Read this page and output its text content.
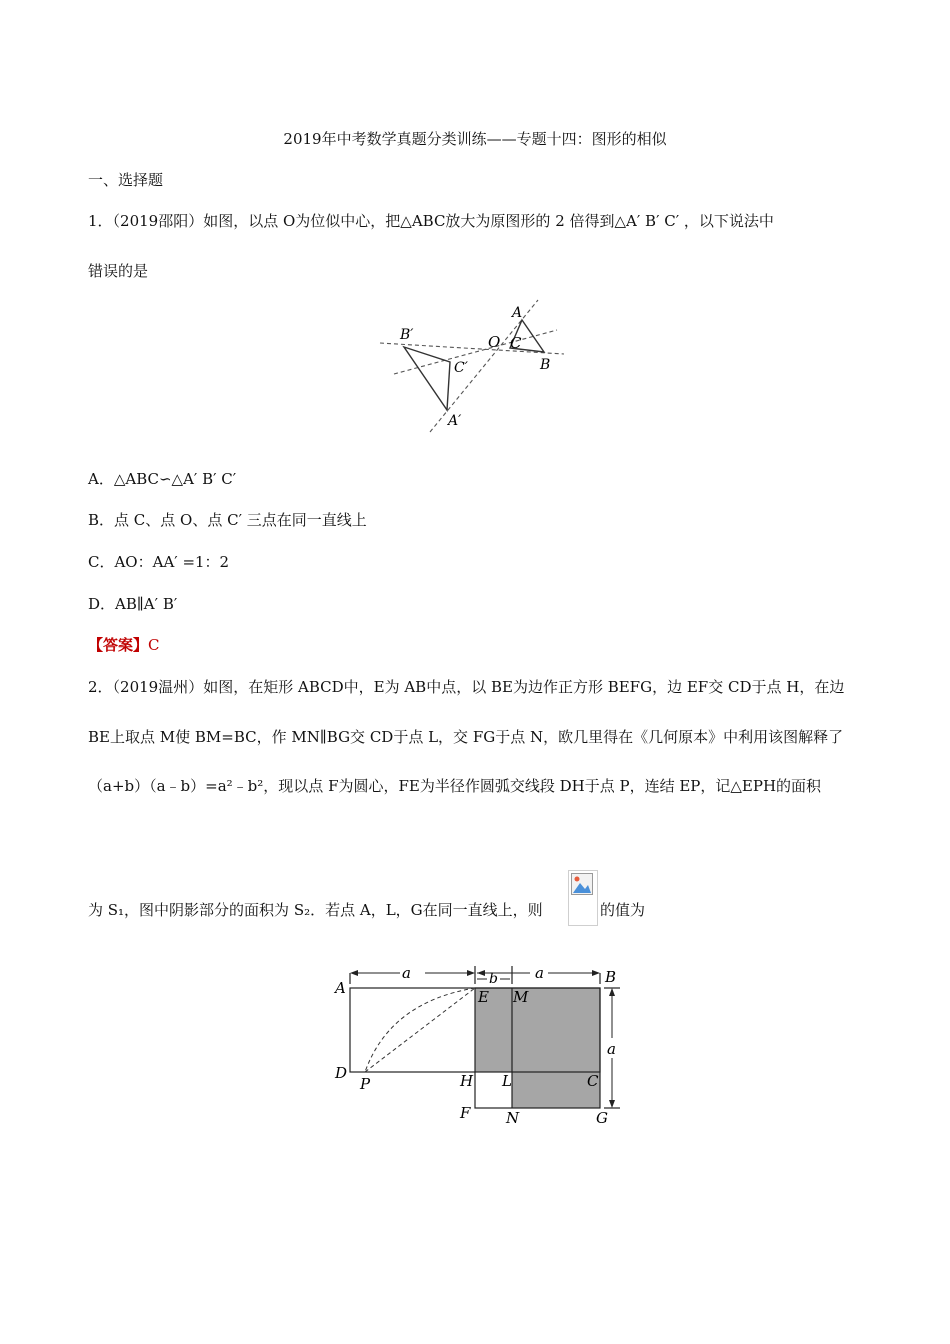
2019年中考数学真题分类训练——专题十四：图形的相似
一、选择题
1．（2019邵阳）如图，以点 O为位似中心，把△ABC放大为原图形的 2 倍得到△A′ B′ C′ ，以下说法中
错误的是
B′
C′
A′
O C
A
B
A．△ABC∽△A′ B′ C′
B．点 C、点 O、点 C′ 三点在同一直线上
C．AO：AA′ =1：2
D．AB∥A′ B′
【答案】C
2．（2019温州）如图，在矩形 ABCD中，E为 AB中点，以 BE为边作正方形 BEFG，边 EF交 CD于点 H，在边
BE上取点 M使 BM=BC，作 MN∥BG交 CD于点 L，交 FG于点 N，欧几里得在《几何原本》中利用该图解释了
（a+b）（a﹣b）=a²﹣b²，现以点 F为圆心，FE为半径作圆弧交线段 DH于点 P，连结 EP，记△EPH的面积
为 S₁，图中阴影部分的面积为 S₂．若点 A，L，G在同一直线上，则	的值为
a	b a
a
A	E M
B
D
P	H L	C
F N	G
